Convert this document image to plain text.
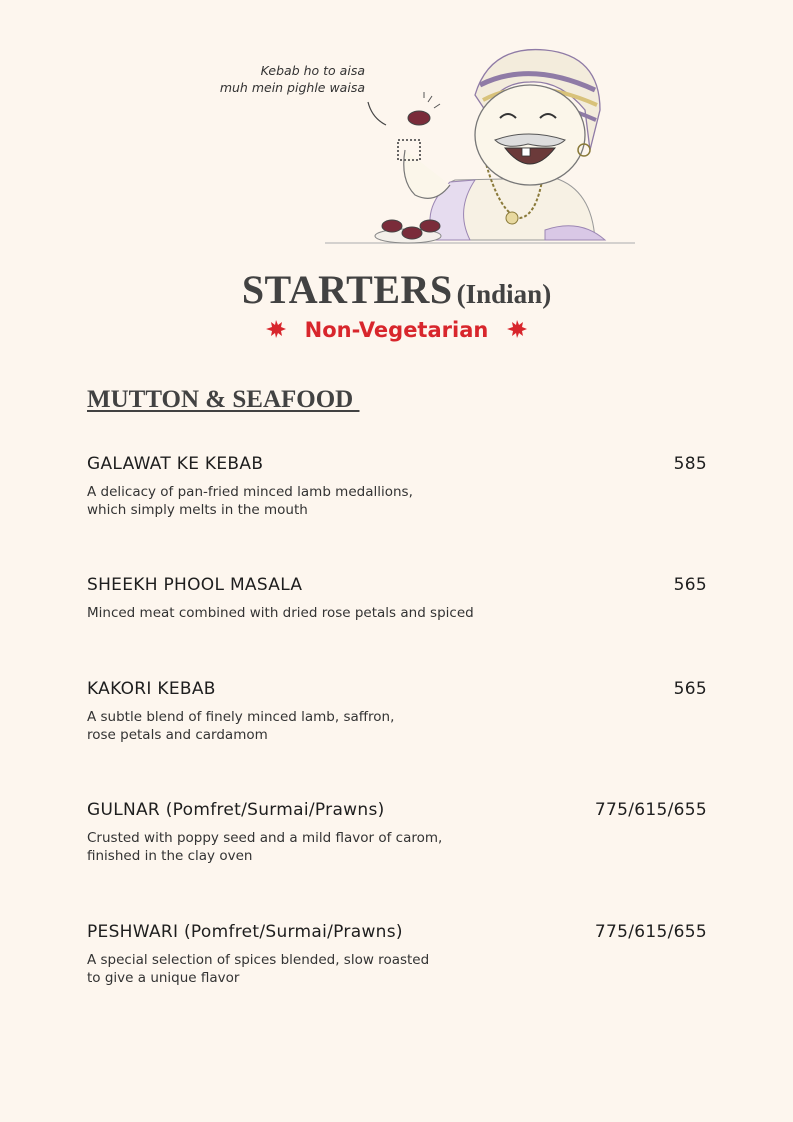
Kebab ho to aisa
muh mein pighle waisa
STARTERS (Indian)
Non-Vegetarian
MUTTON & SEAFOOD
GALAWAT KE KEBAB	585
A delicacy of pan-fried minced lamb medallions,
which simply melts in the mouth
SHEEKH PHOOL MASALA	565
Minced meat combined with dried rose petals and spiced
KAKORI KEBAB	565
A subtle blend of finely minced lamb, saffron,
rose petals and cardamom
GULNAR (Pomfret/Surmai/Prawns)	775/615/655
Crusted with poppy seed and a mild flavor of carom,
finished in the clay oven
PESHWARI (Pomfret/Surmai/Prawns)	775/615/655
A special selection of spices blended, slow roasted
to give a unique flavor
